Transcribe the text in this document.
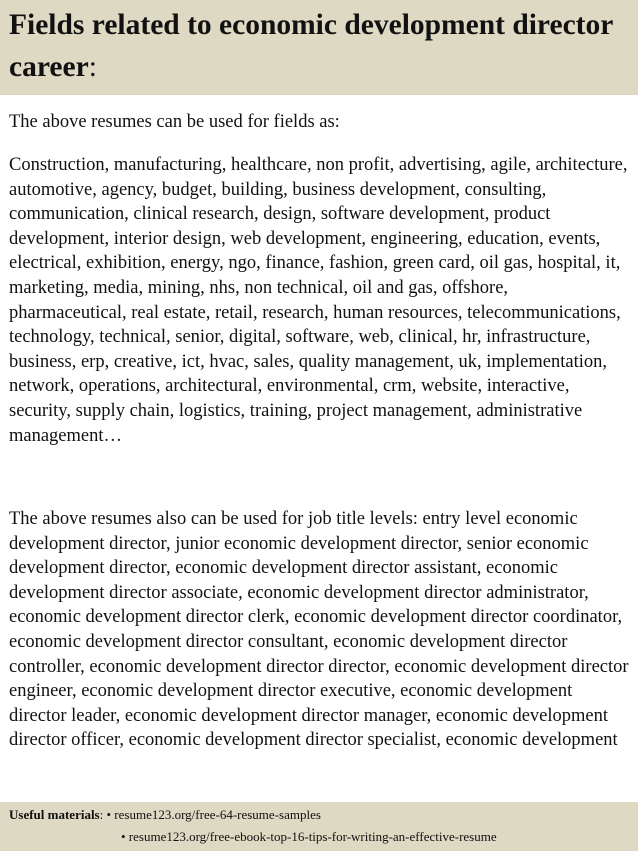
Fields related to economic development director career:

The above resumes can be used for fields as:

Construction, manufacturing, healthcare, non profit, advertising, agile, architecture, automotive, agency, budget, building, business development, consulting, communication, clinical research, design, software development, product development, interior design, web development, engineering, education, events, electrical, exhibition, energy, ngo, finance, fashion, green card, oil gas, hospital, it, marketing, media, mining, nhs, non technical, oil and gas, offshore, pharmaceutical, real estate, retail, research, human resources, telecommunications, technology, technical, senior, digital, software, web, clinical, hr, infrastructure, business, erp, creative, ict, hvac, sales, quality management, uk, implementation, network, operations, architectural, environmental, crm, website, interactive, security, supply chain, logistics, training, project management, administrative management…

The above resumes also can be used for job title levels: entry level economic development director, junior economic development director, senior economic development director, economic development director assistant, economic development director associate, economic development director administrator, economic development director clerk, economic development director coordinator, economic development director consultant, economic development director controller, economic development director director, economic development director engineer, economic development director executive, economic development director leader, economic development director manager, economic development director officer, economic development director specialist, economic development

Useful materials: • resume123.org/free-64-resume-samples
• resume123.org/free-ebook-top-16-tips-for-writing-an-effective-resume
